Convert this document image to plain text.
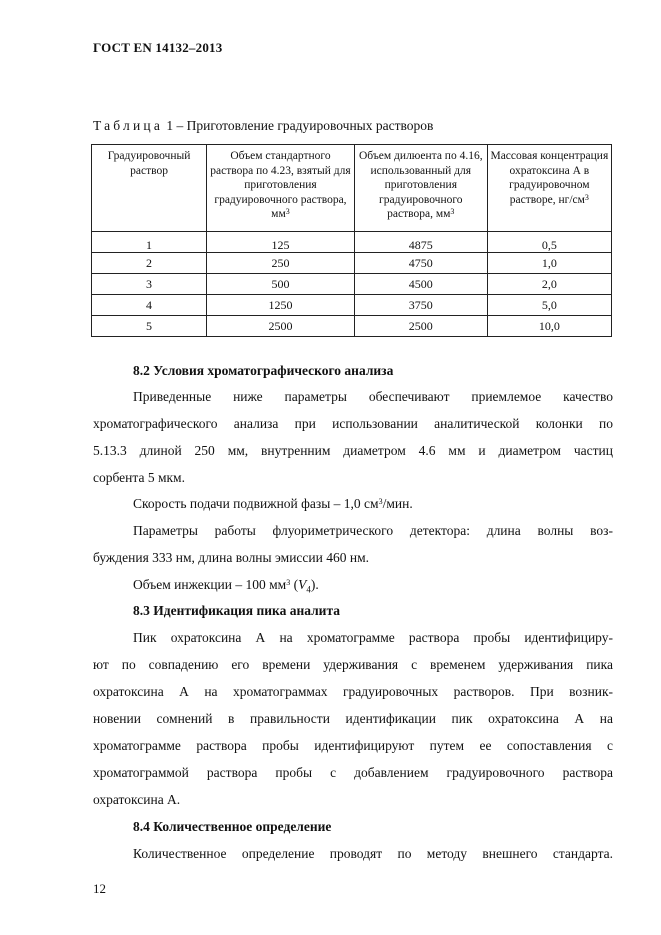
ГОСТ EN 14132–2013
Таблица 1 – Приготовление градуировочных растворов
Градуировочный раствор	Объем стандартного раствора по 4.23, взятый для приготовления градуировочного раствора, $мм^3$	Объем дилюента по 4.16, использованный для приготовления градуировочного раствора, $мм^3$	Массовая концентрация охратоксина А в градуировочном растворе, $нг/см^3$
1	125	4875	0,5
2	250	4750	1,0
3	500	4500	2,0
4	1250	3750	5,0
5	2500	2500	10,0
8.2 Условия хроматографического анализа
Приведенные ниже параметры обеспечивают приемлемое качество
хроматографического анализа при использовании аналитической колонки по
5.13.3 длиной 250 мм, внутренним диаметром 4.6 мм и диаметром частиц
сорбента 5 мкм.
Скорость подачи подвижной фазы – 1,0 $см^3$/мин.
Параметры работы флуориметрического детектора: длина волны воз-
буждения 333 нм, длина волны эмиссии 460 нм.
Объем инжекции – 100 $мм^3$ $(V_4)$.
8.3 Идентификация пика аналита
Пик охратоксина А на хроматограмме раствора пробы идентифициру-
ют по совпадению его времени удерживания с временем удерживания пика
охратоксина А на хроматограммах градуировочных растворов. При возник-
новении сомнений в правильности идентификации пик охратоксина А на
хроматограмме раствора пробы идентифицируют путем ее сопоставления с
хроматограммой раствора пробы с добавлением градуировочного раствора
охратоксина А.
8.4 Количественное определение
Количественное определение проводят по методу внешнего стандарта.
12
